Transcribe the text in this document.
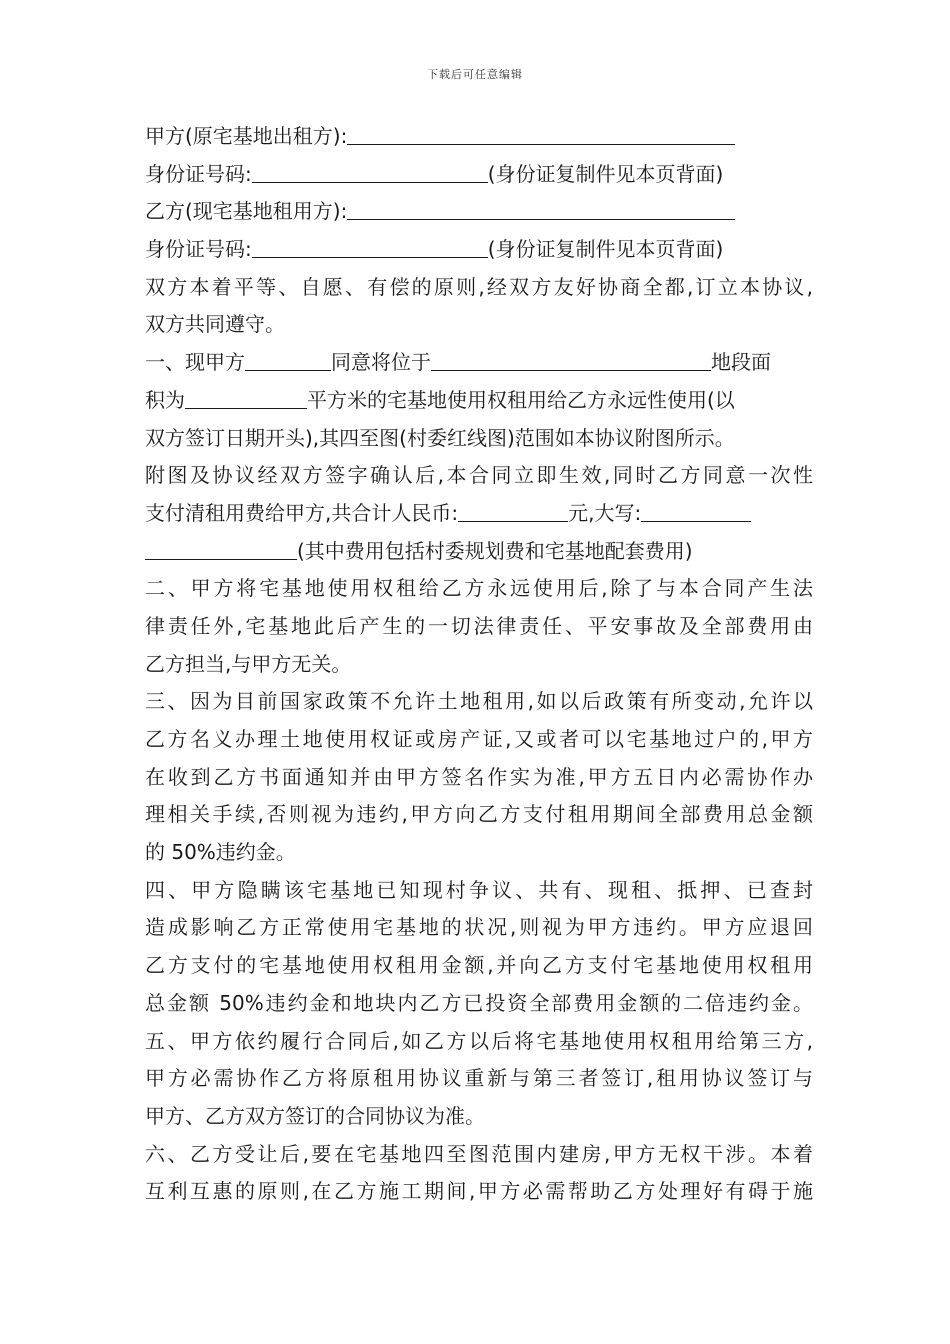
下载后可任意编辑
甲方(原宅基地出租方):
身份证号码:	(身份证复制件见本页背面)
乙方(现宅基地租用方):
身份证号码:	(身份证复制件见本页背面)
双方本着平等、自愿、有偿的原则,经双方友好协商全都,订立本协议,
双方共同遵守。
一、现甲方	同意将位于	地段面
积为	平方米的宅基地使用权租用给乙方永远性使用(以
双方签订日期开头),其四至图(村委红线图)范围如本协议附图所示。
附图及协议经双方签字确认后,本合同立即生效,同时乙方同意一次性
支付清租用费给甲方,共合计人民币:	元,大写:
(其中费用包括村委规划费和宅基地配套费用)
二、甲方将宅基地使用权租给乙方永远使用后,除了与本合同产生法
律责任外,宅基地此后产生的一切法律责任、平安事故及全部费用由
乙方担当,与甲方无关。
三、因为目前国家政策不允许土地租用,如以后政策有所变动,允许以
乙方名义办理土地使用权证或房产证,又或者可以宅基地过户的,甲方
在收到乙方书面通知并由甲方签名作实为准,甲方五日内必需协作办
理相关手续,否则视为违约,甲方向乙方支付租用期间全部费用总金额
的 50%违约金。
四、甲方隐瞒该宅基地已知现村争议、共有、现租、抵押、已查封
造成影响乙方正常使用宅基地的状况,则视为甲方违约。甲方应退回
乙方支付的宅基地使用权租用金额,并向乙方支付宅基地使用权租用
总金额 50%违约金和地块内乙方已投资全部费用金额的二倍违约金。
五、甲方依约履行合同后,如乙方以后将宅基地使用权租用给第三方,
甲方必需协作乙方将原租用协议重新与第三者签订,租用协议签订与
甲方、乙方双方签订的合同协议为准。
六、乙方受让后,要在宅基地四至图范围内建房,甲方无权干涉。本着
互利互惠的原则,在乙方施工期间,甲方必需帮助乙方处理好有碍于施
